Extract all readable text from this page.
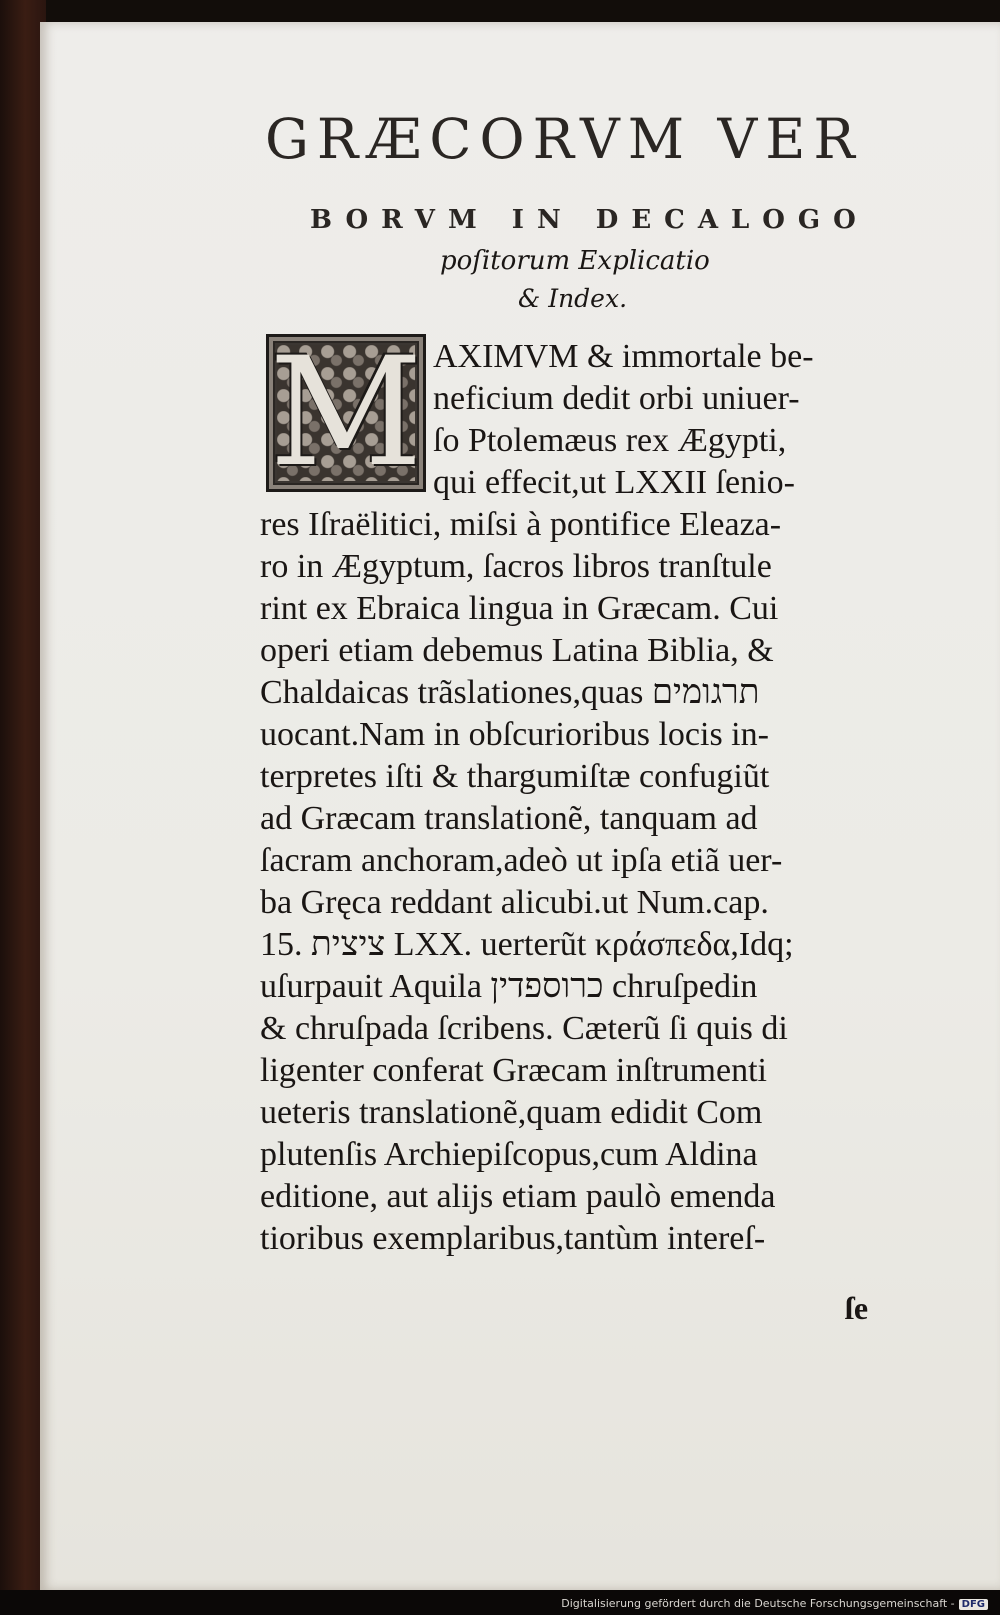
GRÆCORVM VER
BORVM IN DECALOGO
poſitorum Explicatio
& Index.
M AXIMVM & immortale be-
neficium dedit orbi uniuer-
ſo Ptolemæus rex Ægypti,
qui effecit,ut LXXII ſenio-
res Iſraëlitici, miſsi à pontifice Eleaza-
ro in Ægyptum, ſacros libros tranſtule
rint ex Ebraica lingua in Græcam. Cui
operi etiam debemus Latina Biblia, &
Chaldaicas trãslationes,quas תרגומים
uocant.Nam in obſcurioribus locis in-
terpretes iſti & thargumiſtæ confugiũt
ad Græcam translationẽ, tanquam ad
ſacram anchoram,adeò ut ipſa etiã uer-
ba Gręca reddant alicubi.ut Num.cap.
15. ציצית LXX. uerterũt κράσπεδα,Idq;
uſurpauit Aquila כרוספדין chruſpedin
& chruſpada ſcribens. Cæterũ ſi quis di
ligenter conferat Græcam inſtrumenti
ueteris translationẽ,quam edidit Com
plutenſis Archiepiſcopus,cum Aldina
editione, aut aliјs etiam paulò emenda
tioribus exemplaribus,tantùm intereſ-
ſe
Digitalisierung gefördert durch die Deutsche Forschungsgemeinschaft - DFG
